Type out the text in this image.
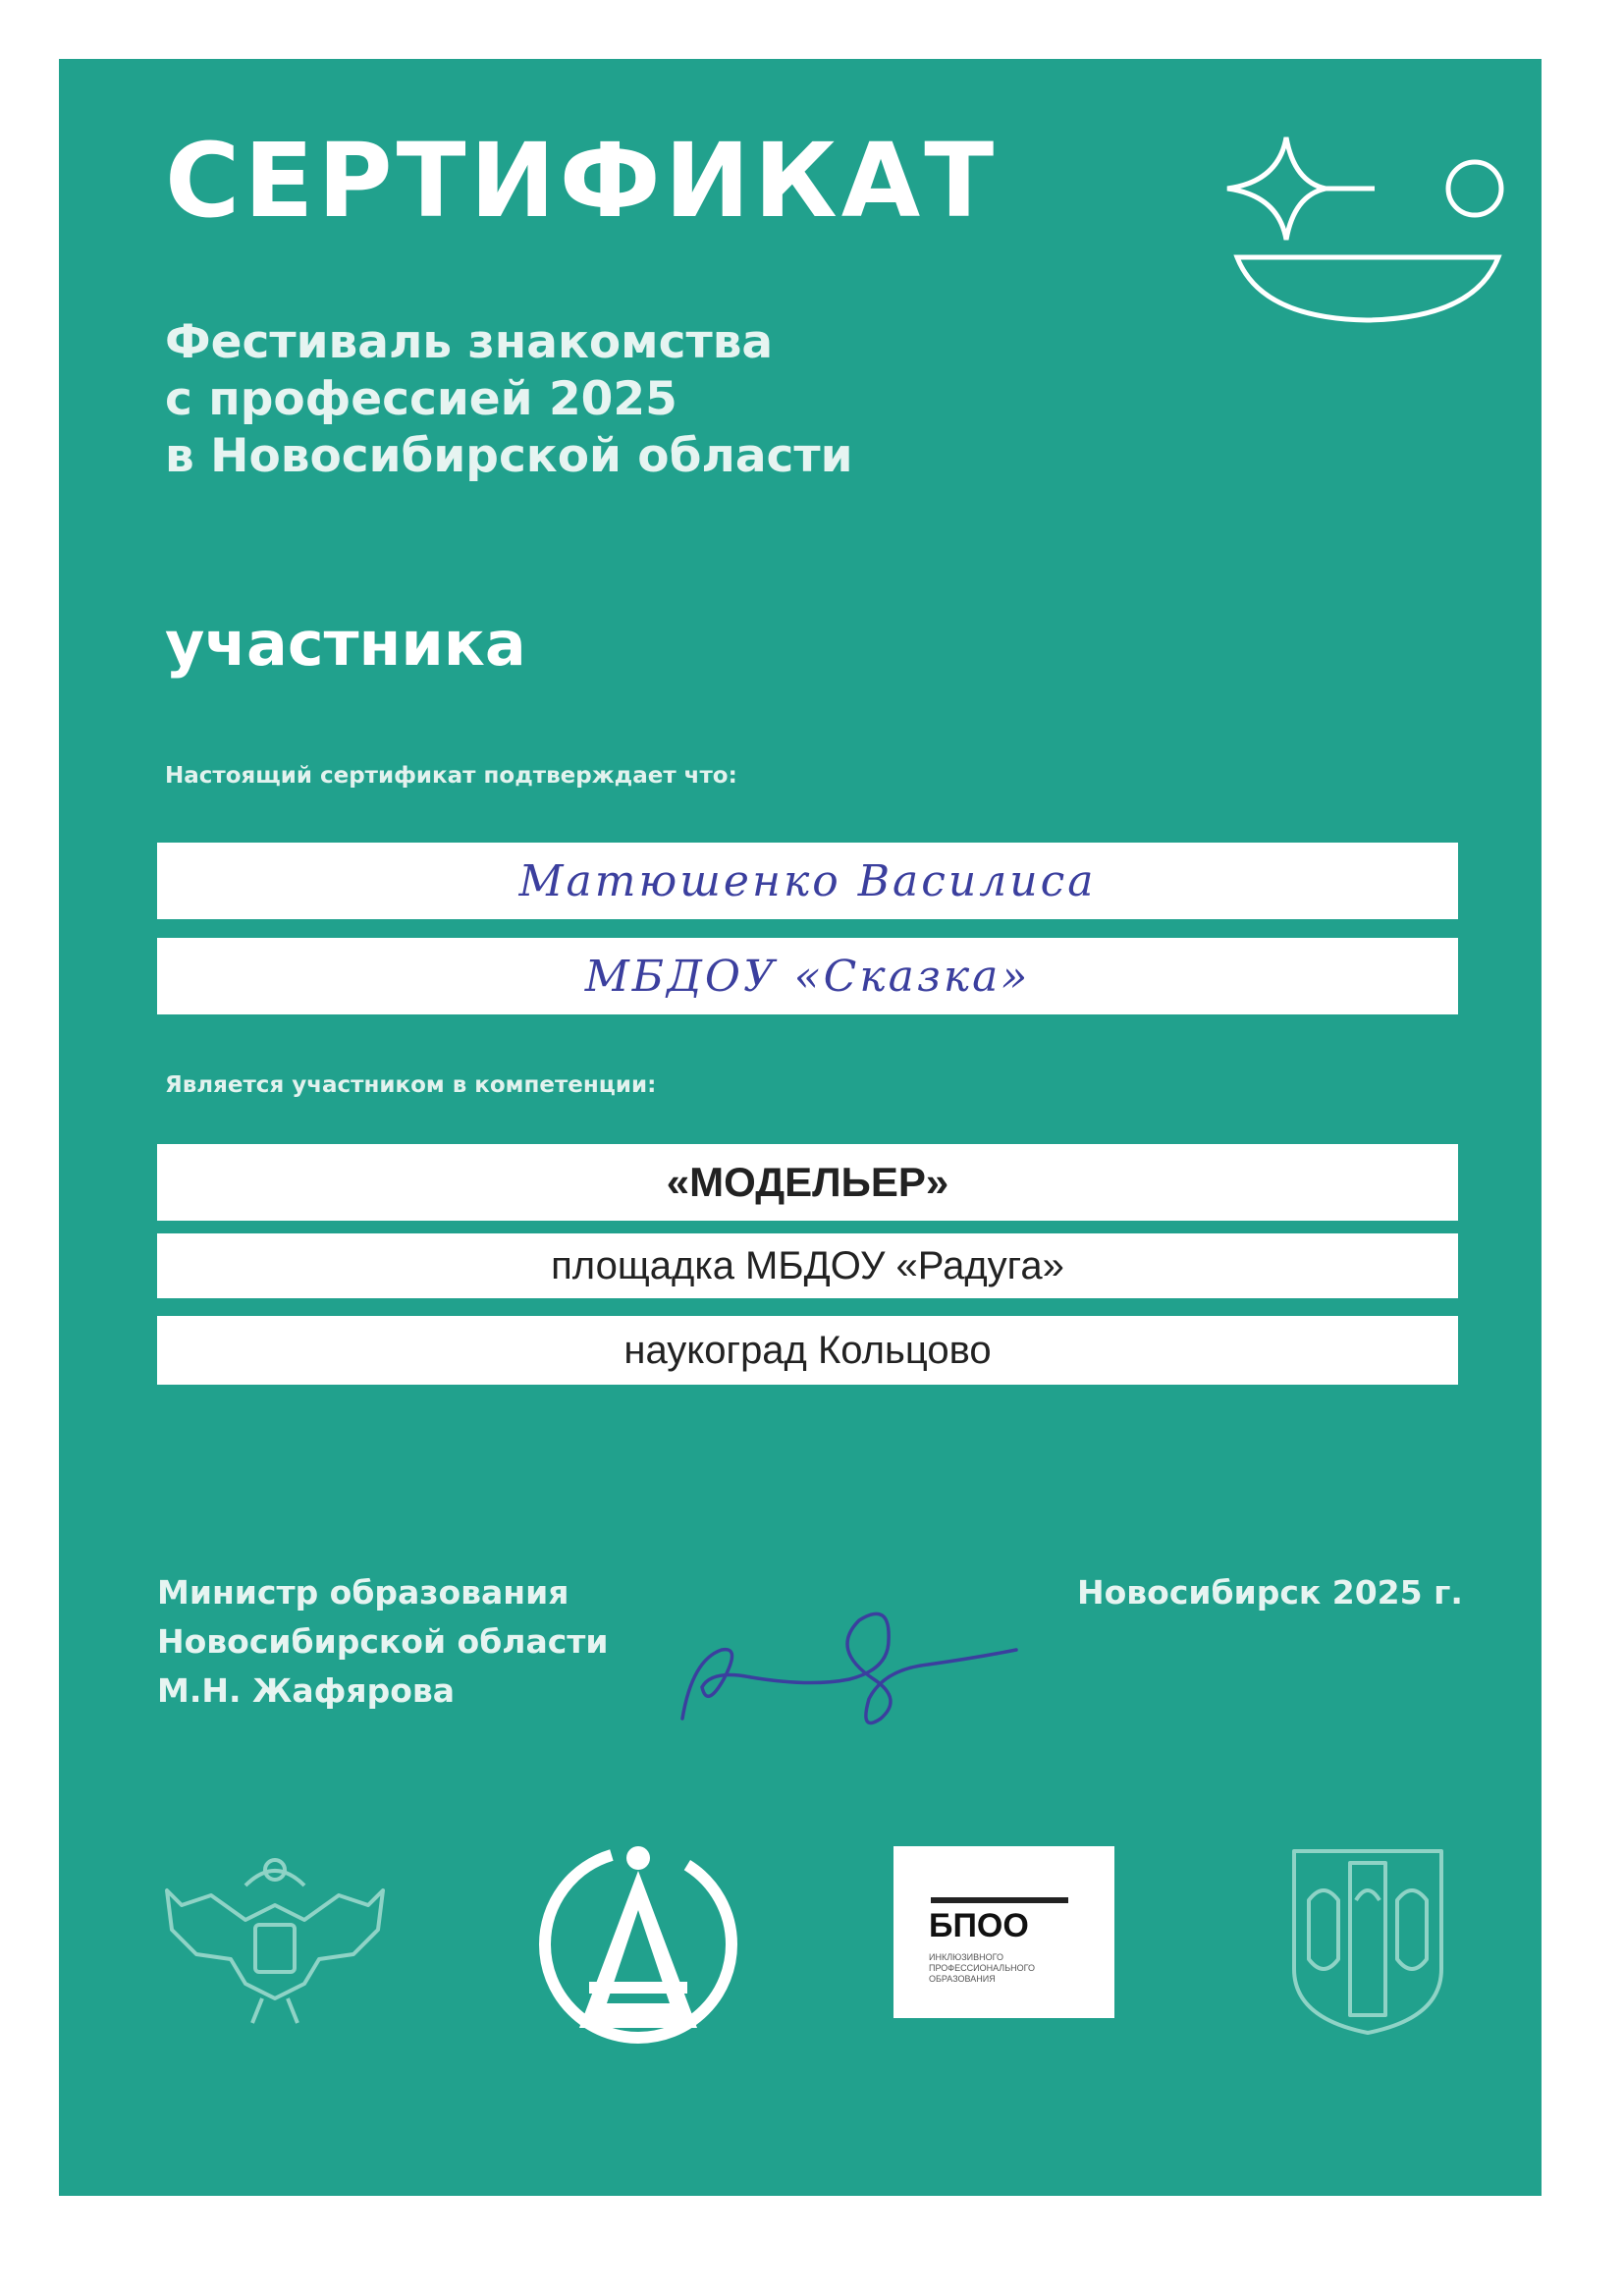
СЕРТИФИКАТ
Фестиваль знакомства
с профессией 2025
в Новосибирской области
участника
Настоящий сертификат подтверждает что:
Матюшенко Василиса
МБДОУ «Сказка»
Является участником в компетенции:
«МОДЕЛЬЕР»
площадка МБДОУ «Радуга»
наукоград Кольцово
Министр образования
Новосибирской области
М.Н. Жафярова
Новосибирск 2025 г.
БПОО
ИНКЛЮЗИВНОГО ПРОФЕССИОНАЛЬНОГО ОБРАЗОВАНИЯ
